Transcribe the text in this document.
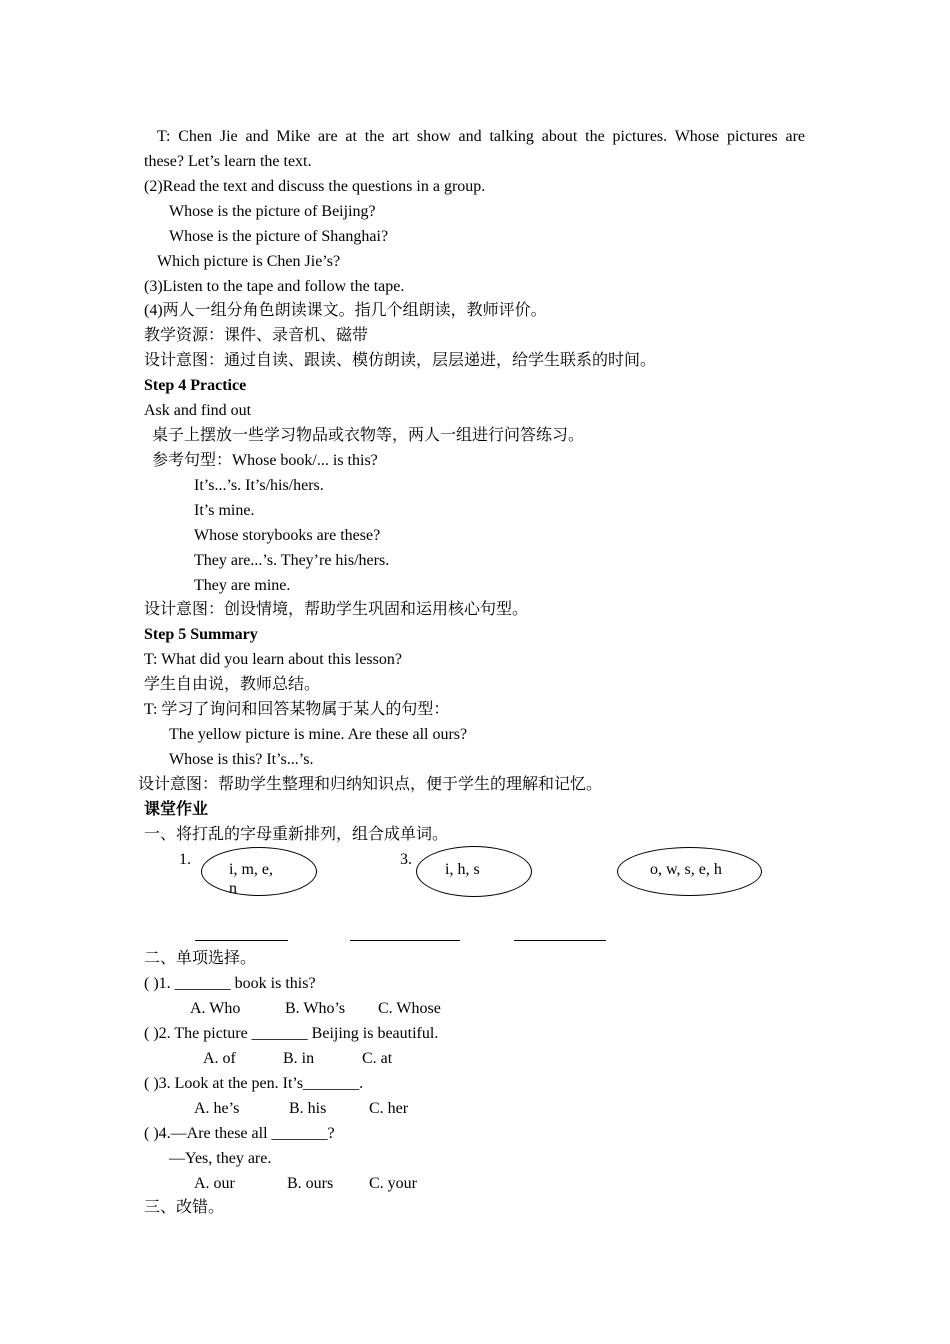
T: Chen Jie and Mike are at the art show and talking about the pictures. Whose pictures are
these? Let’s learn the text.
(2)Read the text and discuss the questions in a group.
Whose is the picture of Beijing?
Whose is the picture of Shanghai?
Which picture is Chen Jie’s?
(3)Listen to the tape and follow the tape.
(4)两人一组分角色朗读课文。指几个组朗读，教师评价。
教学资源：课件、录音机、磁带
设计意图：通过自读、跟读、模仿朗读，层层递进，给学生联系的时间。
Step 4 Practice
Ask and find out
桌子上摆放一些学习物品或衣物等，两人一组进行问答练习。
参考句型：Whose book/... is this?
It’s...’s. It’s/his/hers.
It’s mine.
Whose storybooks are these?
They are...’s. They’re his/hers.
They are mine.
设计意图：创设情境，帮助学生巩固和运用核心句型。
Step 5 Summary
T: What did you learn about this lesson?
学生自由说，教师总结。
T: 学习了询问和回答某物属于某人的句型：
The yellow picture is mine. Are these all ours?
Whose is this? It’s...’s.
设计意图：帮助学生整理和归纳知识点，便于学生的理解和记忆。
课堂作业
一、将打乱的字母重新排列，组合成单词。
1.
i, m, e,
n
3.
i, h, s	o, w, s, e, h
二、单项选择。
( )1. _______ book is this?
A. Who	B. Who’s C. Whose
( )2. The picture _______ Beijing is beautiful.
A. of	B. in	C. at
( )3. Look at the pen. It’s_______.
A. he’s	B. his	C. her
( )4.—Are these all _______?
—Yes, they are.
A. our	B. ours C. your
三、改错。
